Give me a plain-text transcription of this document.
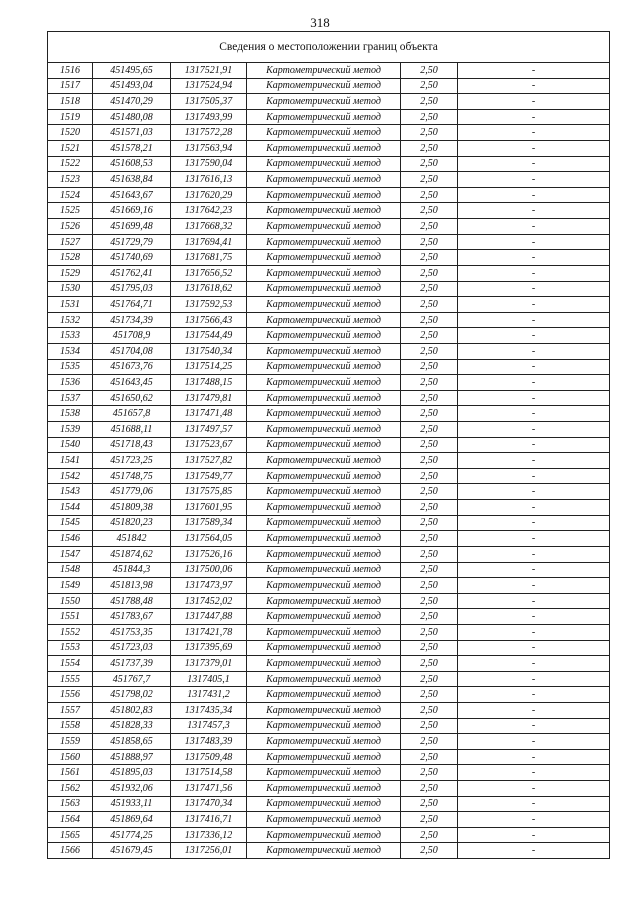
318
Сведения о местоположении границ объекта					
1516	451495,65	1317521,91	Картометрический метод	2,50	-
1517	451493,04	1317524,94	Картометрический метод	2,50	-
1518	451470,29	1317505,37	Картометрический метод	2,50	-
1519	451480,08	1317493,99	Картометрический метод	2,50	-
1520	451571,03	1317572,28	Картометрический метод	2,50	-
1521	451578,21	1317563,94	Картометрический метод	2,50	-
1522	451608,53	1317590,04	Картометрический метод	2,50	-
1523	451638,84	1317616,13	Картометрический метод	2,50	-
1524	451643,67	1317620,29	Картометрический метод	2,50	-
1525	451669,16	1317642,23	Картометрический метод	2,50	-
1526	451699,48	1317668,32	Картометрический метод	2,50	-
1527	451729,79	1317694,41	Картометрический метод	2,50	-
1528	451740,69	1317681,75	Картометрический метод	2,50	-
1529	451762,41	1317656,52	Картометрический метод	2,50	-
1530	451795,03	1317618,62	Картометрический метод	2,50	-
1531	451764,71	1317592,53	Картометрический метод	2,50	-
1532	451734,39	1317566,43	Картометрический метод	2,50	-
1533	451708,9	1317544,49	Картометрический метод	2,50	-
1534	451704,08	1317540,34	Картометрический метод	2,50	-
1535	451673,76	1317514,25	Картометрический метод	2,50	-
1536	451643,45	1317488,15	Картометрический метод	2,50	-
1537	451650,62	1317479,81	Картометрический метод	2,50	-
1538	451657,8	1317471,48	Картометрический метод	2,50	-
1539	451688,11	1317497,57	Картометрический метод	2,50	-
1540	451718,43	1317523,67	Картометрический метод	2,50	-
1541	451723,25	1317527,82	Картометрический метод	2,50	-
1542	451748,75	1317549,77	Картометрический метод	2,50	-
1543	451779,06	1317575,85	Картометрический метод	2,50	-
1544	451809,38	1317601,95	Картометрический метод	2,50	-
1545	451820,23	1317589,34	Картометрический метод	2,50	-
1546	451842	1317564,05	Картометрический метод	2,50	-
1547	451874,62	1317526,16	Картометрический метод	2,50	-
1548	451844,3	1317500,06	Картометрический метод	2,50	-
1549	451813,98	1317473,97	Картометрический метод	2,50	-
1550	451788,48	1317452,02	Картометрический метод	2,50	-
1551	451783,67	1317447,88	Картометрический метод	2,50	-
1552	451753,35	1317421,78	Картометрический метод	2,50	-
1553	451723,03	1317395,69	Картометрический метод	2,50	-
1554	451737,39	1317379,01	Картометрический метод	2,50	-
1555	451767,7	1317405,1	Картометрический метод	2,50	-
1556	451798,02	1317431,2	Картометрический метод	2,50	-
1557	451802,83	1317435,34	Картометрический метод	2,50	-
1558	451828,33	1317457,3	Картометрический метод	2,50	-
1559	451858,65	1317483,39	Картометрический метод	2,50	-
1560	451888,97	1317509,48	Картометрический метод	2,50	-
1561	451895,03	1317514,58	Картометрический метод	2,50	-
1562	451932,06	1317471,56	Картометрический метод	2,50	-
1563	451933,11	1317470,34	Картометрический метод	2,50	-
1564	451869,64	1317416,71	Картометрический метод	2,50	-
1565	451774,25	1317336,12	Картометрический метод	2,50	-
1566	451679,45	1317256,01	Картометрический метод	2,50	-
